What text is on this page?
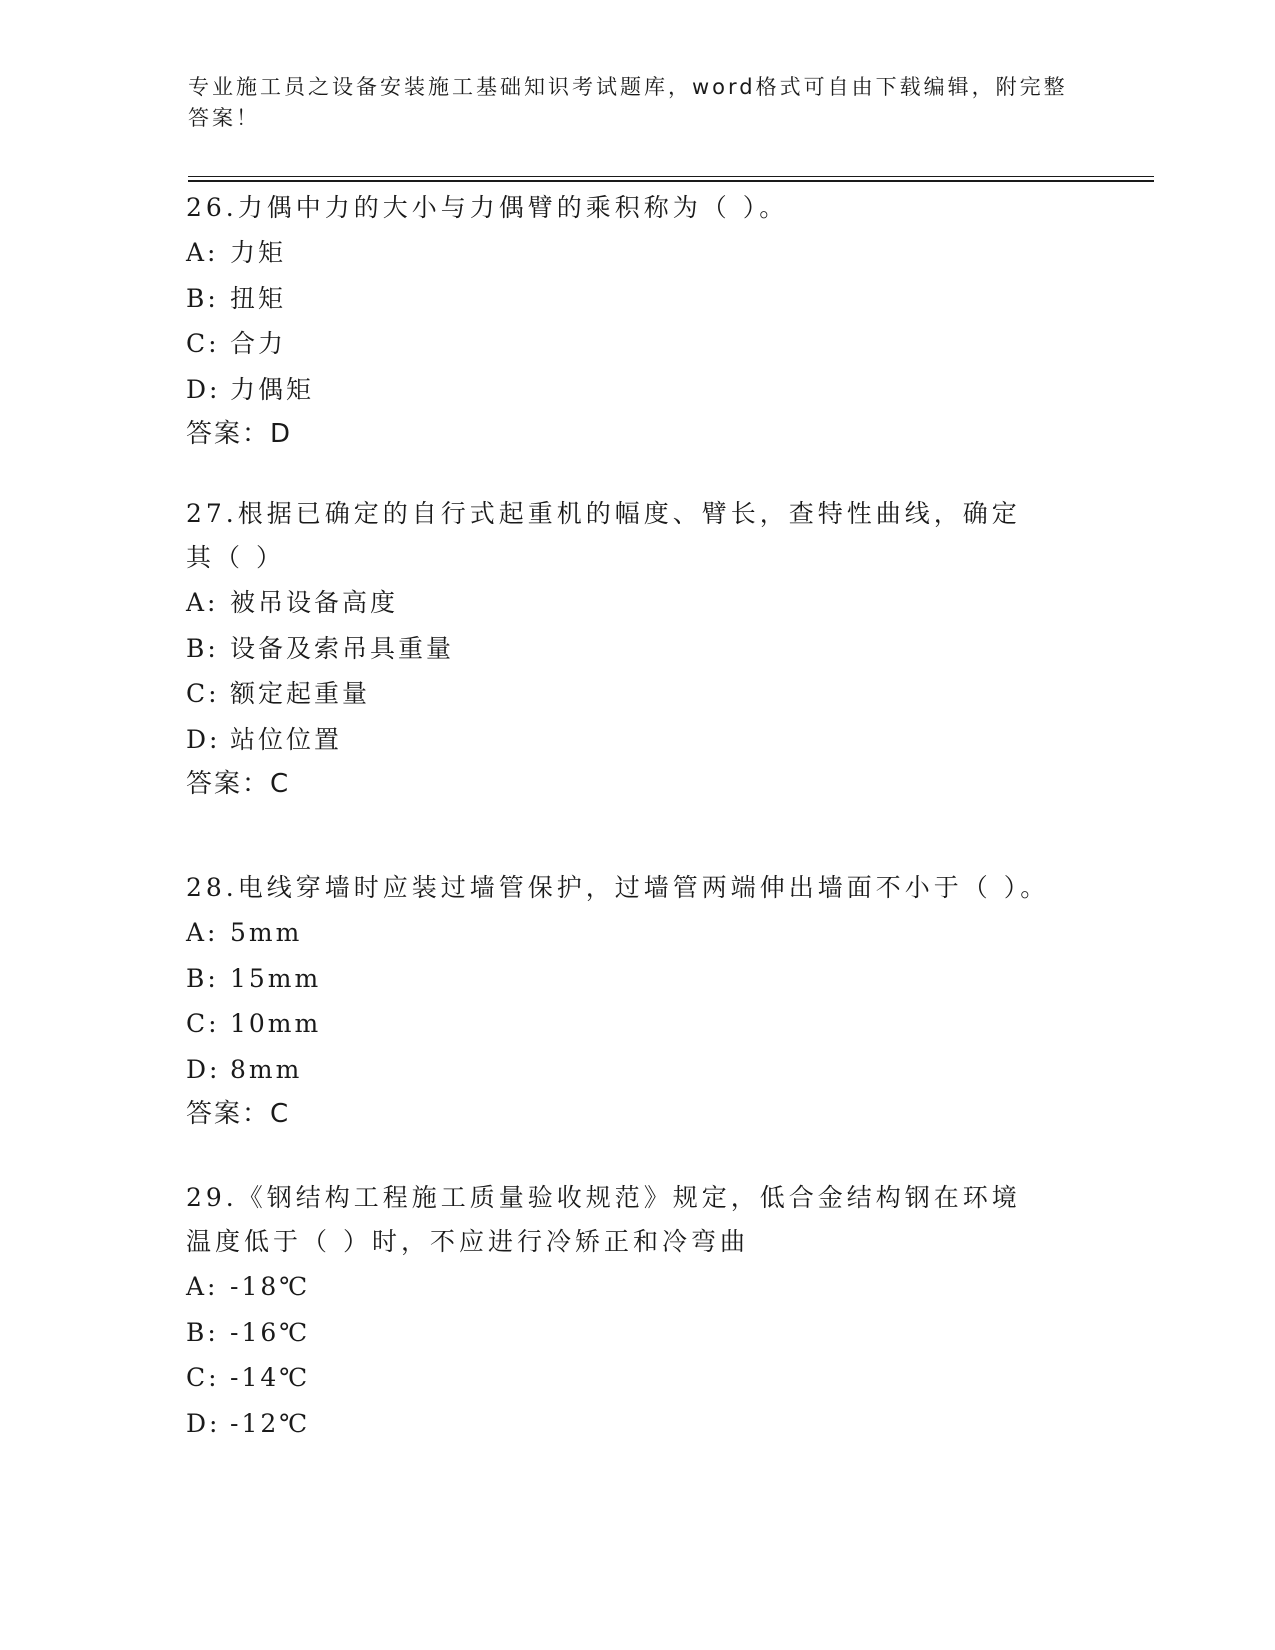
专业施工员之设备安装施工基础知识考试题库，word格式可自由下载编辑，附完整答案！

26.力偶中力的大小与力偶臂的乘积称为（ ）。

A: 力矩

B: 扭矩

C: 合力

D: 力偶矩

答案：D

27.根据已确定的自行式起重机的幅度、臂长，查特性曲线，确定其（ ）

A: 被吊设备高度

B: 设备及索吊具重量

C: 额定起重量

D: 站位位置

答案：C

28.电线穿墙时应装过墙管保护，过墙管两端伸出墙面不小于（ ）。

A: 5mm

B: 15mm

C: 10mm

D: 8mm

答案：C

29.《钢结构工程施工质量验收规范》规定，低合金结构钢在环境温度低于（ ）时，不应进行冷矫正和冷弯曲

A: -18℃

B: -16℃

C: -14℃

D: -12℃
